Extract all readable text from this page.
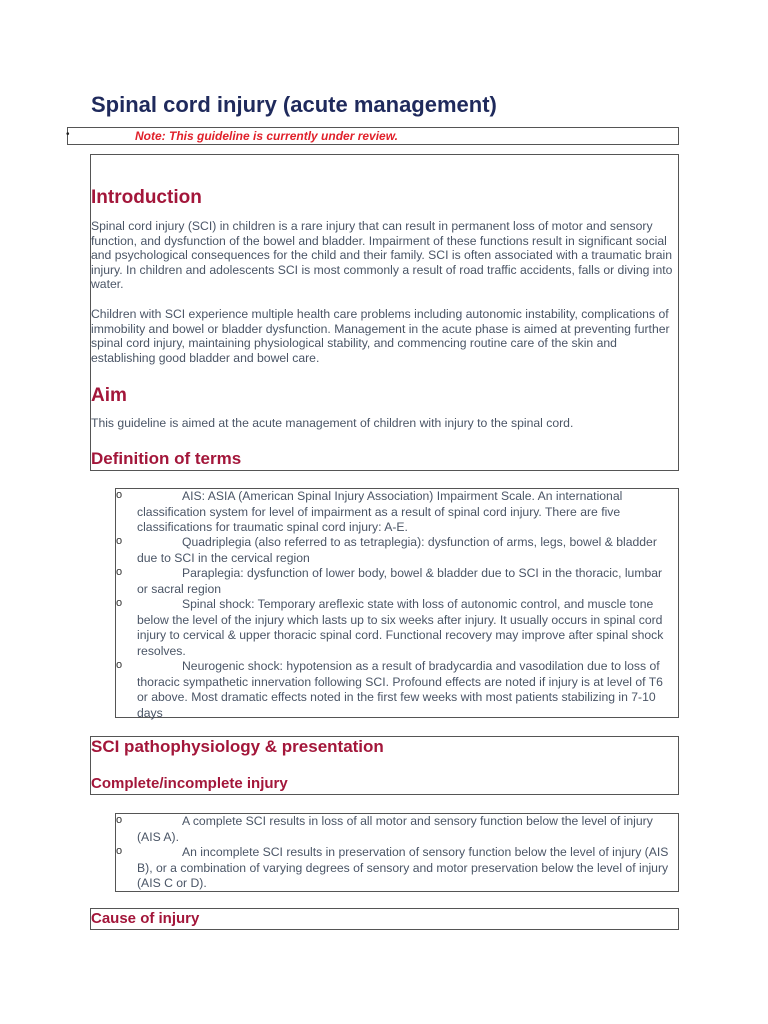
Spinal cord injury (acute management)
•	Note: This guideline is currently under review.
Introduction

Spinal cord injury (SCI) in children is a rare injury that can result in permanent loss of motor and sensory function, and dysfunction of the bowel and bladder. Impairment of these functions result in significant social and psychological consequences for the child and their family. SCI is often associated with a traumatic brain injury. In children and adolescents SCI is most commonly a result of road traffic accidents, falls or diving into water.

Children with SCI experience multiple health care problems including autonomic instability, complications of immobility and bowel or bladder dysfunction. Management in the acute phase is aimed at preventing further spinal cord injury, maintaining physiological stability, and commencing routine care of the skin and establishing good bladder and bowel care.

Aim

This guideline is aimed at the acute management of children with injury to the spinal cord.

Definition of terms
o	AIS: ASIA (American Spinal Injury Association) Impairment Scale. An international classification system for level of impairment as a result of spinal cord injury. There are five classifications for traumatic spinal cord injury: A-E.

o	Quadriplegia (also referred to as tetraplegia): dysfunction of arms, legs, bowel & bladder due to SCI in the cervical region

o	Paraplegia: dysfunction of lower body, bowel & bladder due to SCI in the thoracic, lumbar or sacral region

o	Spinal shock: Temporary areflexic state with loss of autonomic control, and muscle tone below the level of the injury which lasts up to six weeks after injury. It usually occurs in spinal cord injury to cervical & upper thoracic spinal cord. Functional recovery may improve after spinal shock resolves.

o	Neurogenic shock: hypotension as a result of bradycardia and vasodilation due to loss of thoracic sympathetic innervation following SCI. Profound effects are noted if injury is at level of T6 or above. Most dramatic effects noted in the first few weeks with most patients stabilizing in 7-10 days

SCI pathophysiology & presentation
Complete/incomplete injury
o	A complete SCI results in loss of all motor and sensory function below the level of injury (AIS A).

o	An incomplete SCI results in preservation of sensory function below the level of injury (AIS B), or a combination of varying degrees of sensory and motor preservation below the level of injury (AIS C or D).

Cause of injury
